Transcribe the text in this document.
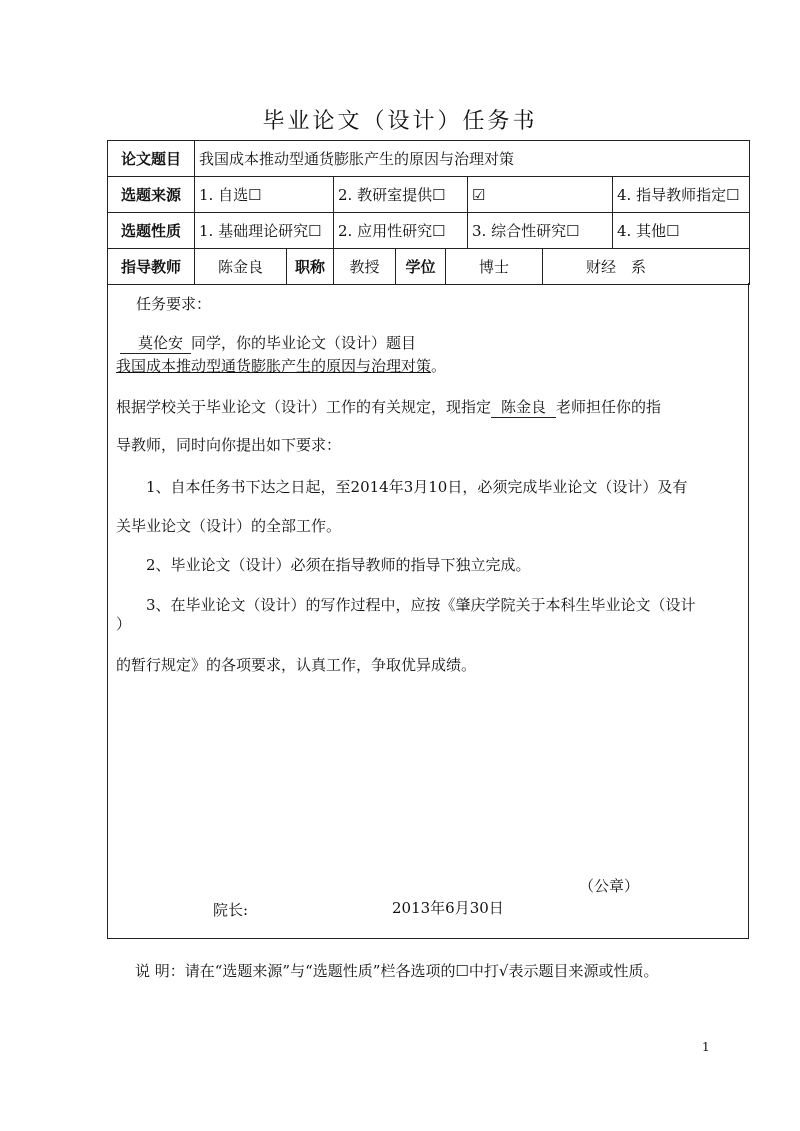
毕业论文（设计）任务书
论文题目	我国成本推动型通货膨胀产生的原因与治理对策							
选题来源	1. 自选☐		2. 教研室提供☐			☑		4. 指导教师指定☐
选题性质	1. 基础理论研究☐		2. 应用性研究☐			3. 综合性研究☐		4. 其他☐
指导教师	陈金良	职称	教授	学位	博士		财经　系	
任务要求：
莫伦安 同学，你的毕业论文（设计）题目
我国成本推动型通货膨胀产生的原因与治理对策。
根据学校关于毕业论文（设计）工作的有关规定，现指定 陈金良 老师担任你的指
导教师，同时向你提出如下要求：
1、自本任务书下达之日起，至2014年3月10日，必须完成毕业论文（设计）及有
关毕业论文（设计）的全部工作。
2、毕业论文（设计）必须在指导教师的指导下独立完成。
3、在毕业论文（设计）的写作过程中，应按《肇庆学院关于本科生毕业论文（设计
）
的暂行规定》的各项要求，认真工作，争取优异成绩。
（公章）
院长:	2013年6月30日
说 明：请在“选题来源”与“选题性质”栏各选项的☐中打√表示题目来源或性质。
1
